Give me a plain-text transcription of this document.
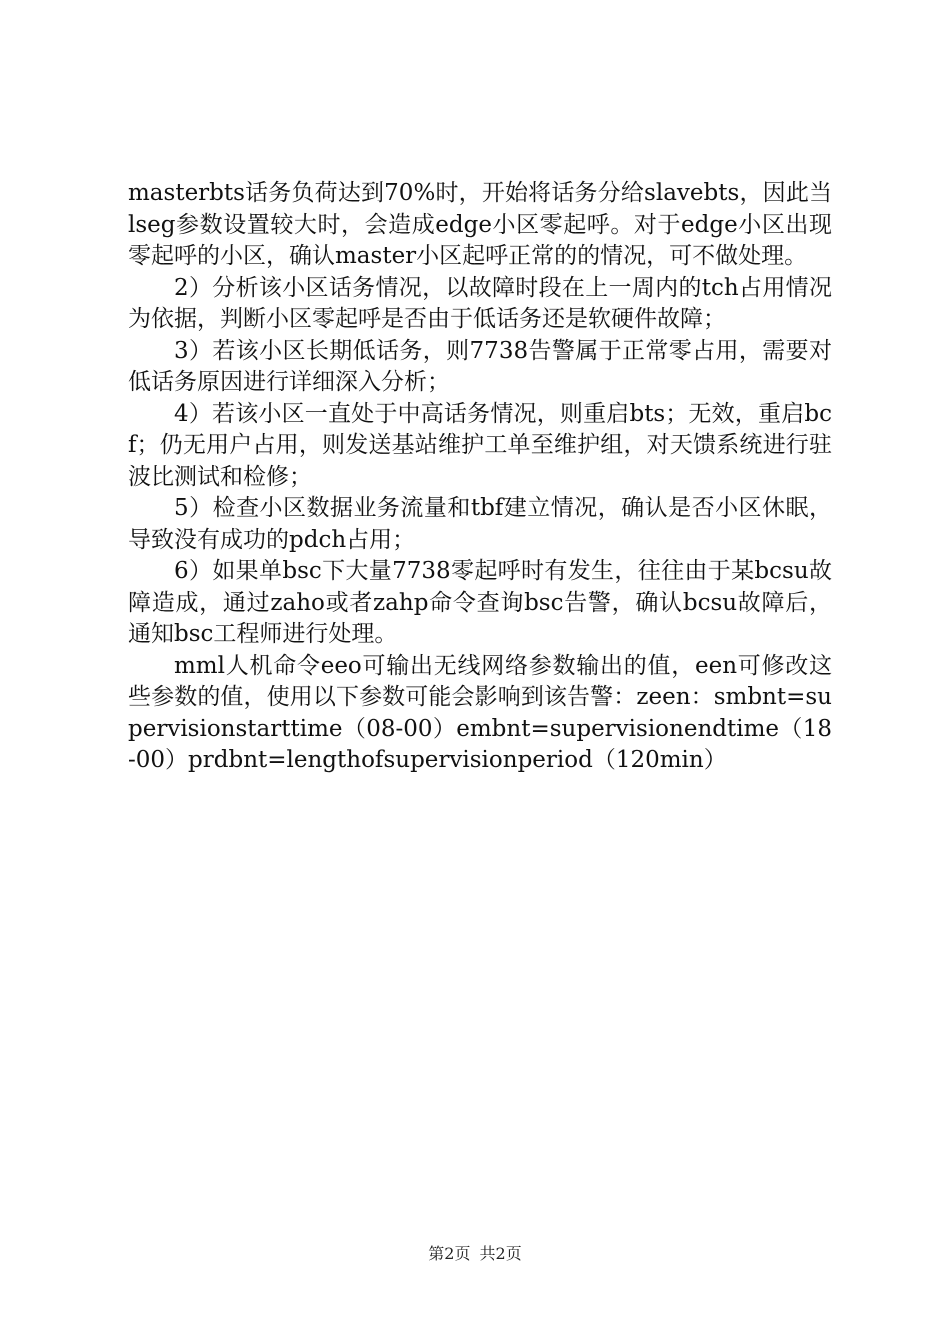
masterbts话务负荷达到70%时，开始将话务分给slavebts，因此当lseg参数设置较大时，会造成edge小区零起呼。对于edge小区出现零起呼的小区，确认master小区起呼正常的的情况，可不做处理。

2）分析该小区话务情况，以故障时段在上一周内的tch占用情况为依据，判断小区零起呼是否由于低话务还是软硬件故障；

3）若该小区长期低话务，则7738告警属于正常零占用，需要对低话务原因进行详细深入分析；

4）若该小区一直处于中高话务情况，则重启bts；无效，重启bcf；仍无用户占用，则发送基站维护工单至维护组，对天馈系统进行驻波比测试和检修；

5）检查小区数据业务流量和tbf建立情况，确认是否小区休眠，导致没有成功的pdch占用；

6）如果单bsc下大量7738零起呼时有发生，往往由于某bcsu故障造成，通过zaho或者zahp命令查询bsc告警，确认bcsu故障后，通知bsc工程师进行处理。

mml人机命令eeo可输出无线网络参数输出的值，een可修改这些参数的值，使用以下参数可能会影响到该告警：zeen：smbnt=supervisionstarttime（08-00）embnt=supervisionendtime（18-00）prdbnt=lengthofsupervisionperiod（120min）

第2页 共2页
